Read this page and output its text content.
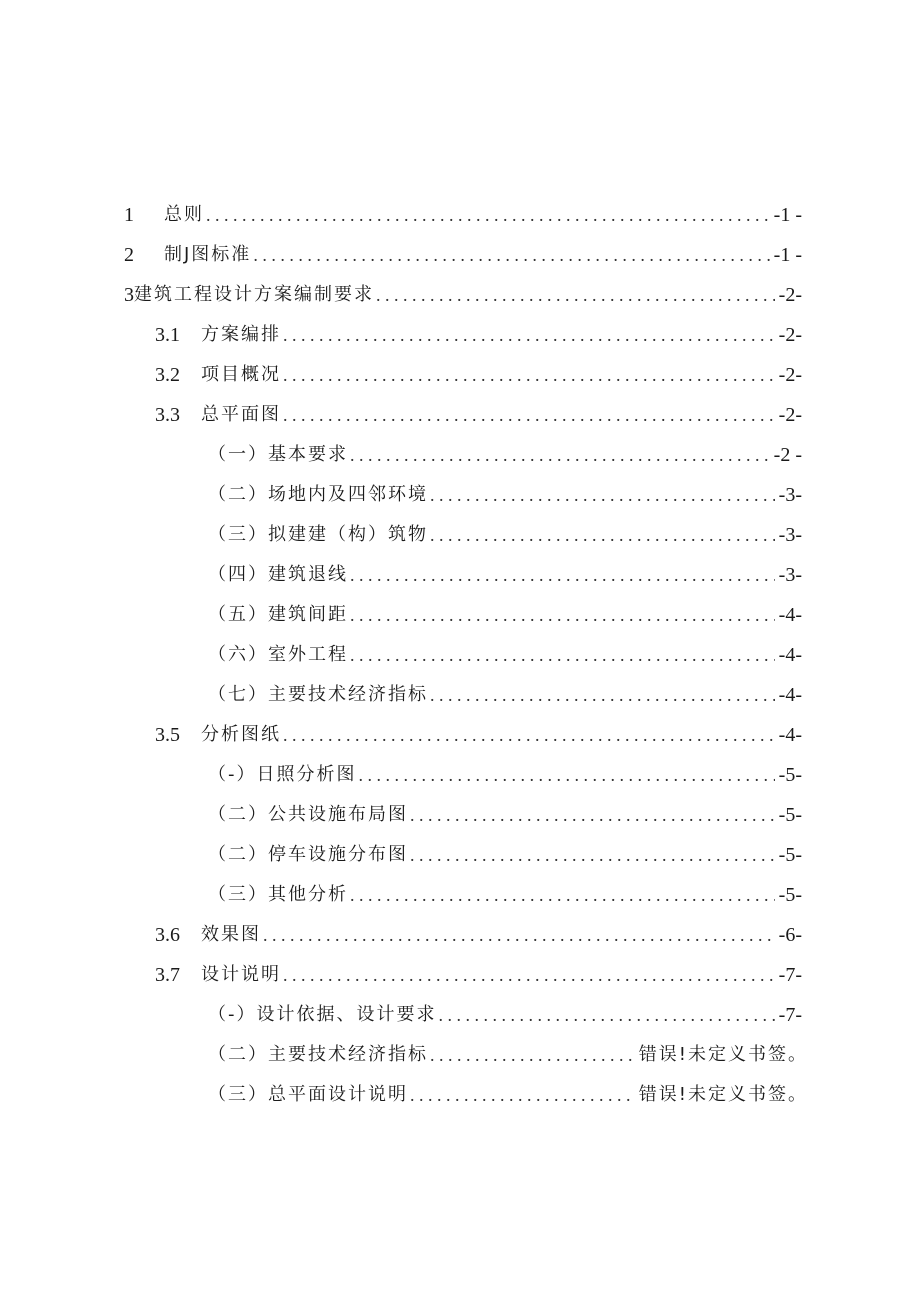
1	总则 . . .	-1 -
2	制J图标准 . . .	-1 -
3 建筑工程设计方案编制要求 . . .	-2-
3.1	方案编排 . . .	-2-
3.2	项目概况 . . .	-2-
3.3	总平面图 . . .	-2-
（一）基本要求 . . .	-2 -
（二）场地内及四邻环境 . . .	-3-
（三）拟建建（构）筑物 . . .	-3-
（四）建筑退线 . . .	-3-
（五）建筑间距 . . .	-4-
（六）室外工程 . . .	-4-
（七）主要技术经济指标 . . .	-4-
3.5	分析图纸 . . .	-4-
（-）日照分析图 . . .	-5-
（二）公共设施布局图 . . .	-5-
（二）停车设施分布图 . . .	-5-
（三）其他分析 . . .	-5-
3.6	效果图 . . .	-6-
3.7	设计说明 . . .	-7-
（-）设计依据、设计要求 . . .	-7-
（二）主要技术经济指标 . . .	错误!未定义书签。
（三）总平面设计说明 . . .	错误!未定义书签。
